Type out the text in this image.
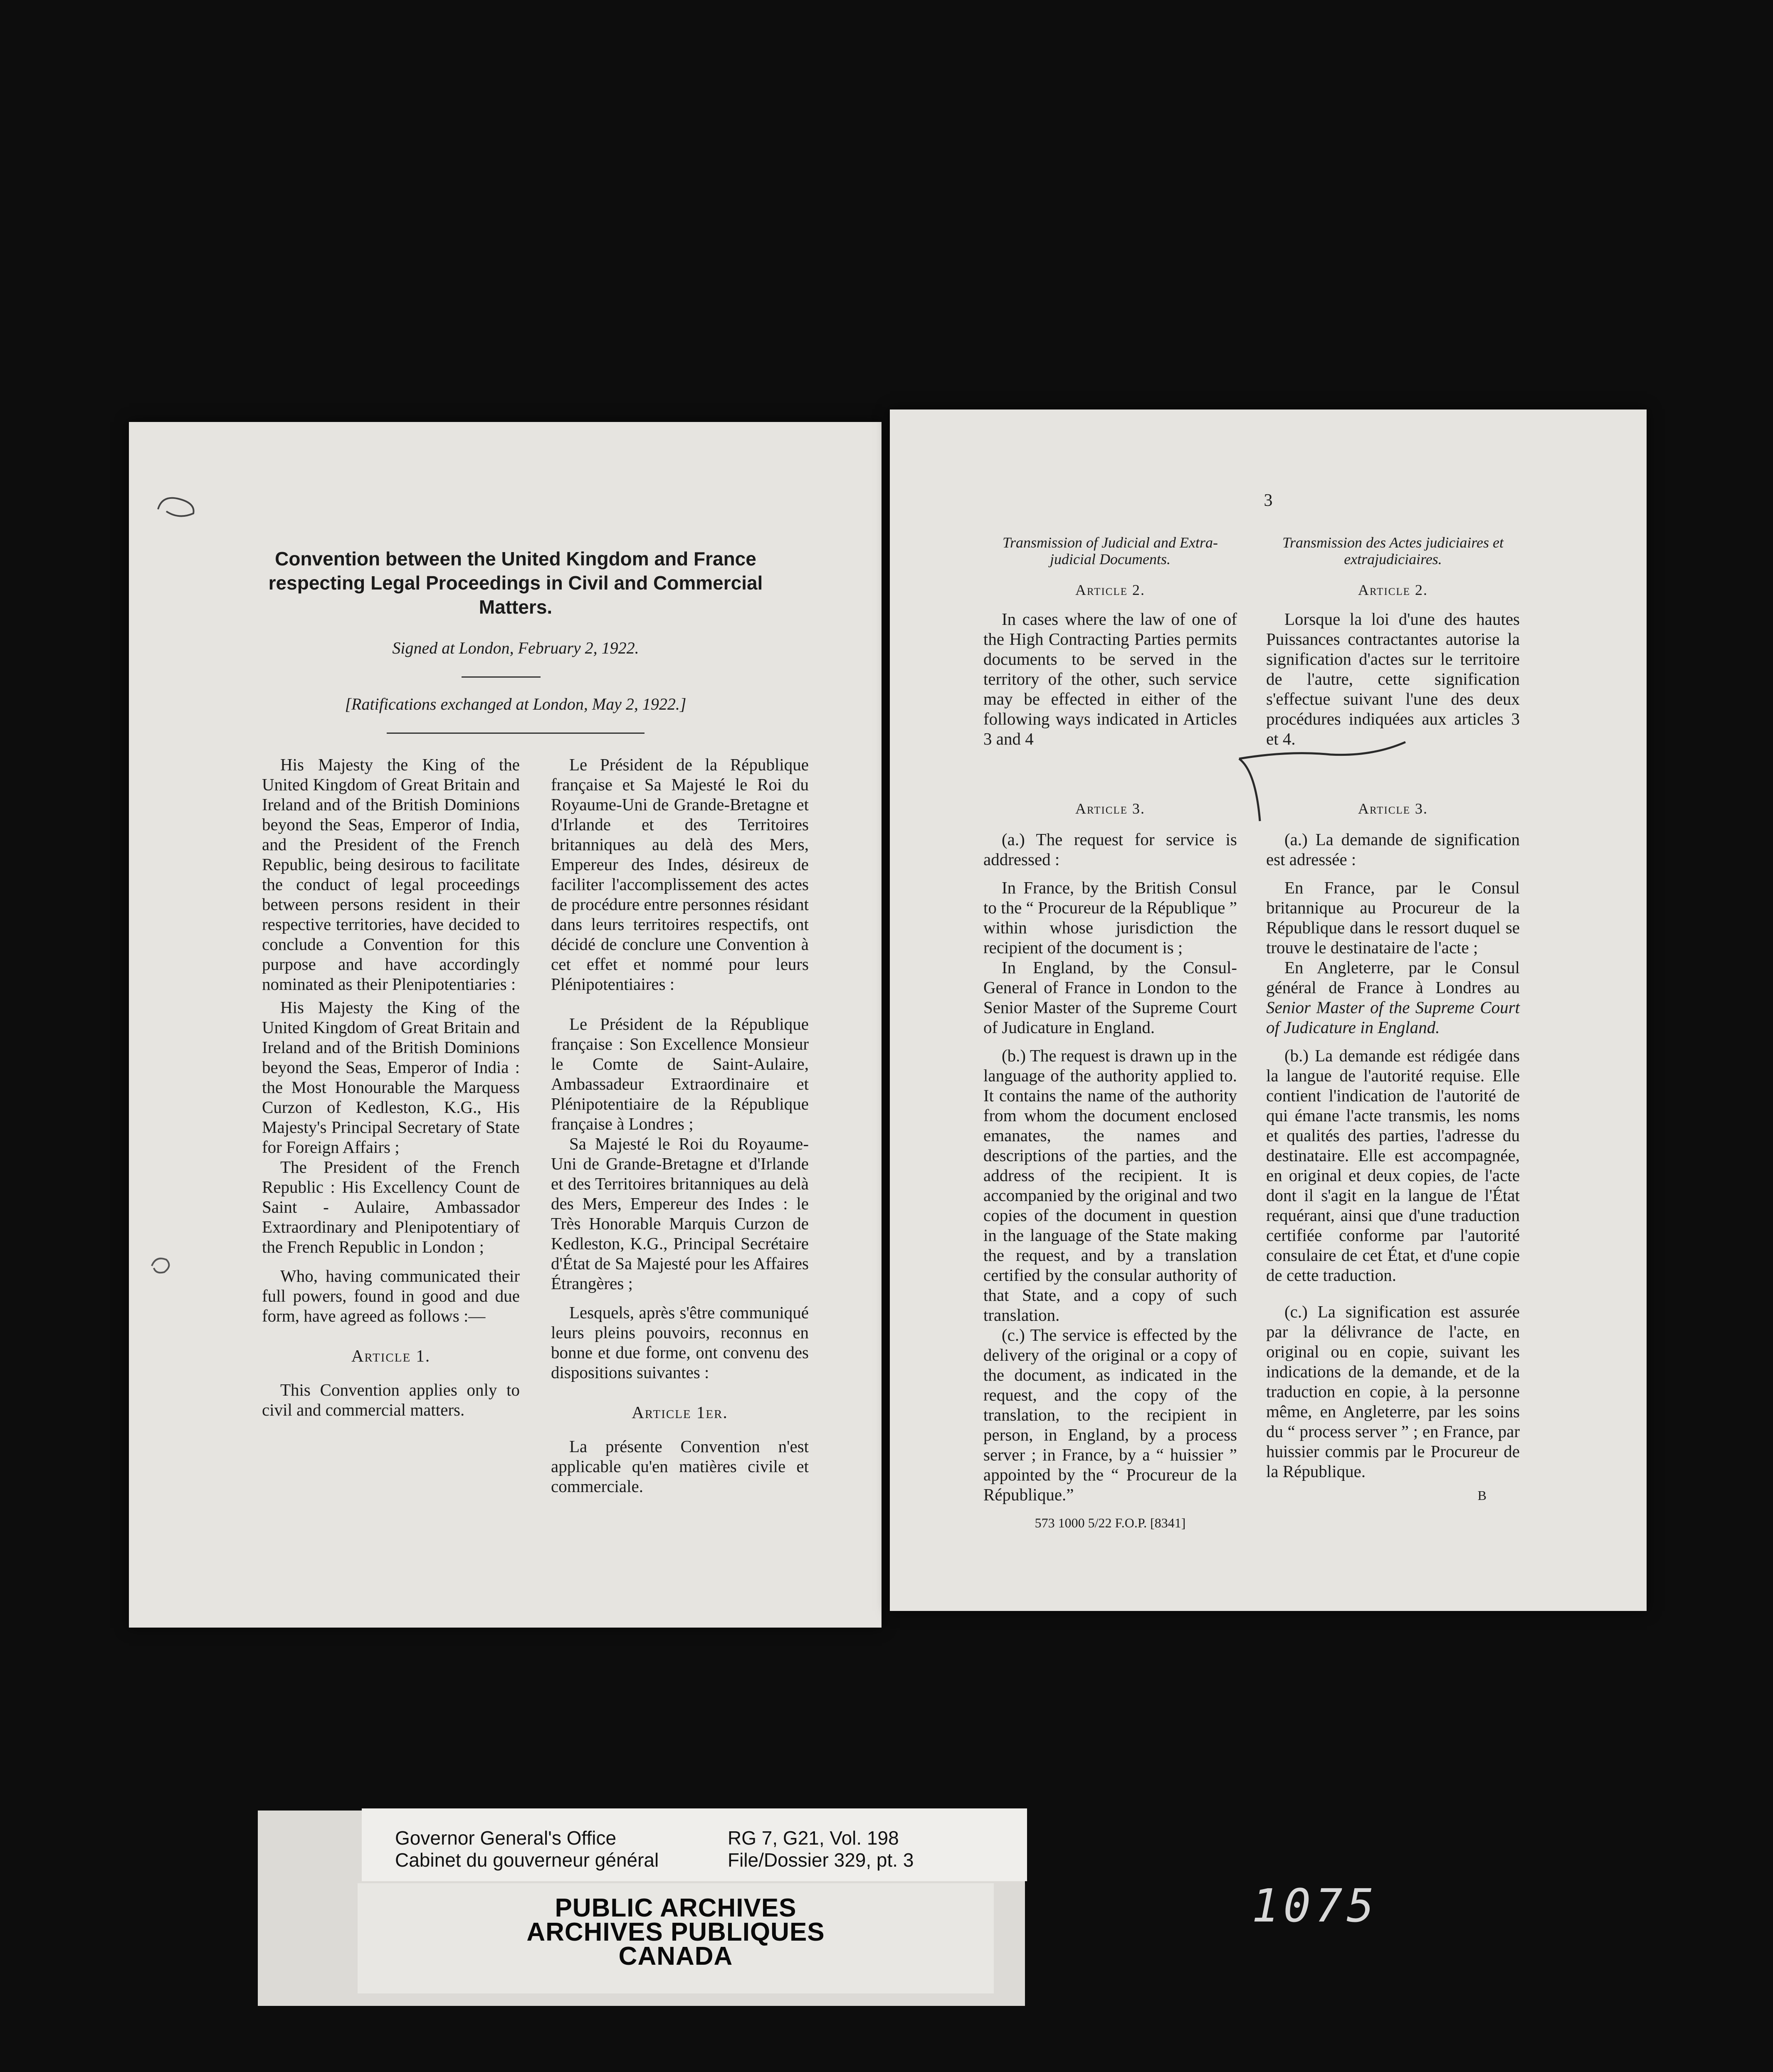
Convention between the United Kingdom and France respecting Legal Proceedings in Civil and Commercial Matters.
Signed at London, February 2, 1922.
[Ratifications exchanged at London, May 2, 1922.]

His Majesty the King of the United Kingdom of Great Britain and Ireland and of the British Dominions beyond the Seas, Emperor of India, and the President of the French Republic, being desirous to facilitate the conduct of legal proceedings between persons resident in their respective territories, have decided to conclude a Convention for this purpose and have accordingly nominated as their Plenipotentiaries :

His Majesty the King of the United Kingdom of Great Britain and Ireland and of the British Dominions beyond the Seas, Emperor of India : the Most Honourable the Marquess Curzon of Kedleston, K.G., His Majesty's Principal Secretary of State for Foreign Affairs ;

The President of the French Republic : His Excellency Count de Saint - Aulaire, Ambassador Extraordinary and Plenipotentiary of the French Republic in London ;

Who, having communicated their full powers, found in good and due form, have agreed as follows :—

Article 1.

This Convention applies only to civil and commercial matters.

Le Président de la République française et Sa Majesté le Roi du Royaume-Uni de Grande-Bretagne et d'Irlande et des Territoires britanniques au delà des Mers, Empereur des Indes, désireux de faciliter l'accomplissement des actes de procédure entre personnes résidant dans leurs territoires respectifs, ont décidé de conclure une Convention à cet effet et nommé pour leurs Plénipotentiaires :

Le Président de la République française : Son Excellence Monsieur le Comte de Saint-Aulaire, Ambassadeur Extraordinaire et Plénipotentiaire de la République française à Londres ;

Sa Majesté le Roi du Royaume-Uni de Grande-Bretagne et d'Irlande et des Territoires britanniques au delà des Mers, Empereur des Indes : le Très Honorable Marquis Curzon de Kedleston, K.G., Principal Secrétaire d'État de Sa Majesté pour les Affaires Étrangères ;

Lesquels, après s'être communiqué leurs pleins pouvoirs, reconnus en bonne et due forme, ont convenu des dispositions suivantes :

Article 1er.

La présente Convention n'est applicable qu'en matières civile et commerciale.

3

Transmission of Judicial and Extra-judicial Documents.

Article 2.

In cases where the law of one of the High Contracting Parties permits documents to be served in the territory of the other, such service may be effected in either of the following ways indicated in Articles 3 and 4

Article 3.

(a.) The request for service is addressed :

In France, by the British Consul to the “ Procureur de la République ” within whose jurisdiction the recipient of the document is ;

In England, by the Consul-General of France in London to the Senior Master of the Supreme Court of Judicature in England.

(b.) The request is drawn up in the language of the authority applied to. It contains the name of the authority from whom the document enclosed emanates, the names and descriptions of the parties, and the address of the recipient. It is accompanied by the original and two copies of the document in question in the language of the State making the request, and by a translation certified by the consular authority of that State, and a copy of such translation.

(c.) The service is effected by the delivery of the original or a copy of the document, as indicated in the request, and the copy of the translation, to the recipient in person, in England, by a process server ; in France, by a “ huissier ” appointed by the “ Procureur de la République.”

573 1000 5/22 F.O.P. [8341]

Transmission des Actes judiciaires et extrajudiciaires.

Article 2.

Lorsque la loi d'une des hautes Puissances contractantes autorise la signification d'actes sur le territoire de l'autre, cette signification s'effectue suivant l'une des deux procédures indiquées aux articles 3 et 4.

Article 3.

(a.) La demande de signification est adressée :

En France, par le Consul britannique au Procureur de la République dans le ressort duquel se trouve le destinataire de l'acte ;

En Angleterre, par le Consul général de France à Londres au Senior Master of the Supreme Court of Judicature in England.

(b.) La demande est rédigée dans la langue de l'autorité requise. Elle contient l'indication de l'autorité de qui émane l'acte transmis, les noms et qualités des parties, l'adresse du destinataire. Elle est accompagnée, en original et deux copies, de l'acte dont il s'agit en la langue de l'État requérant, ainsi que d'une traduction certifiée conforme par l'autorité consulaire de cet État, et d'une copie de cette traduction.

(c.) La signification est assurée par la délivrance de l'acte, en original ou en copie, suivant les indications de la demande, et de la traduction en copie, à la personne même, en Angleterre, par les soins du “ process server ” ; en France, par huissier commis par le Procureur de la République.

B

Governor General's Office
Cabinet du gouverneur général
RG 7, G21, Vol. 198
File/Dossier 329, pt. 3
PUBLIC ARCHIVES
ARCHIVES PUBLIQUES
CANADA
1075
